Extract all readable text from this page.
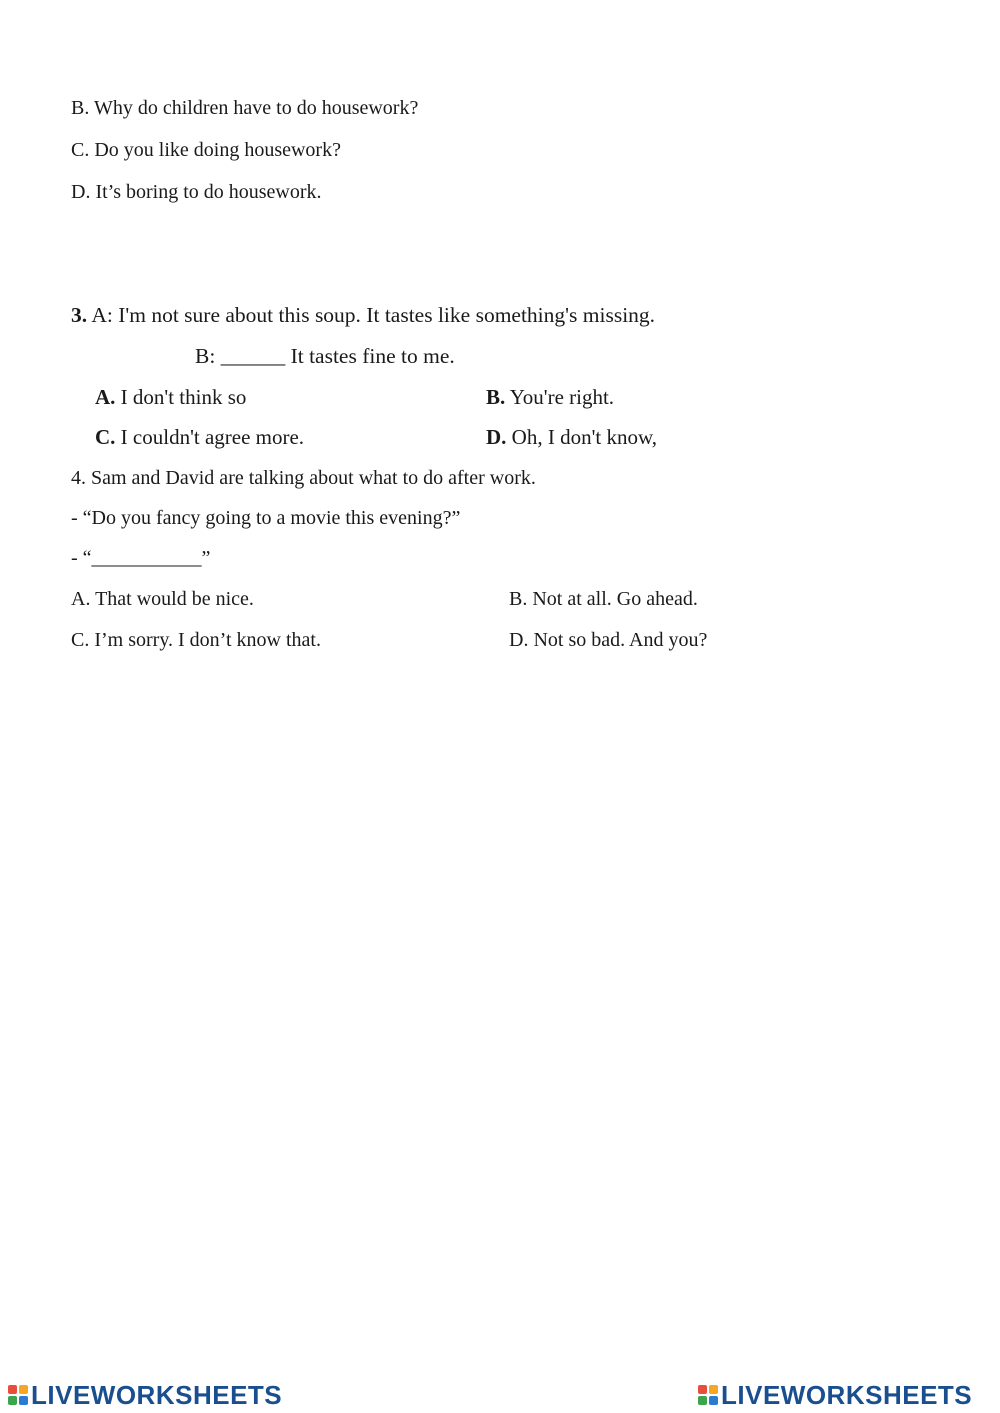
B. Why do children have to do housework?
C. Do you like doing housework?
D. It’s boring to do housework.
3. A: I'm not sure about this soup. It tastes like something's missing.
B: ______ It tastes fine to me.
A. I don't think so	B. You're right.
C. I couldn't agree more.	D. Oh, I don't know,
4. Sam and David are talking about what to do after work.
- “Do you fancy going to a movie this evening?”
- “___________”
A. That would be nice.	B. Not at all. Go ahead.
C. I’m sorry. I don’t know that.	D. Not so bad. And you?
LIVEWORKSHEETS	LIVEWORKSHEETS
